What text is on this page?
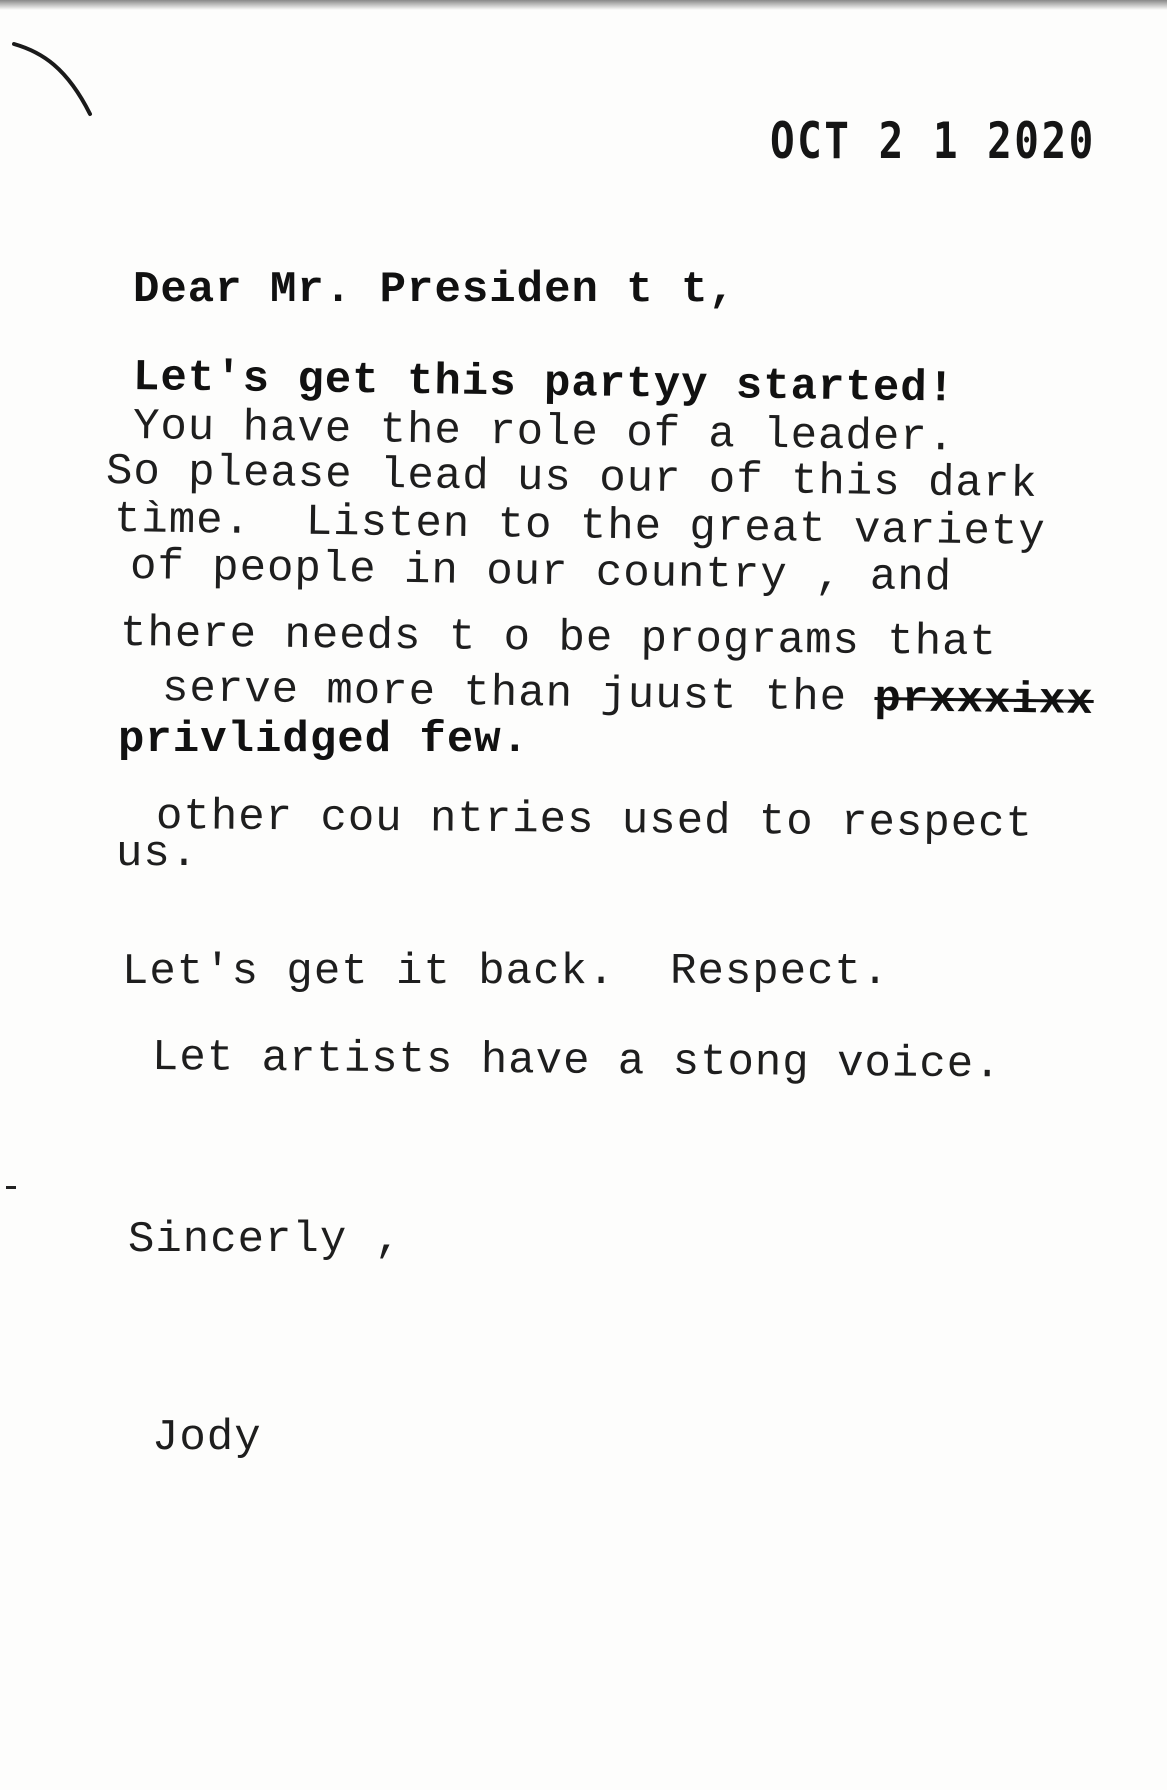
OCT 2 1 2020
Dear Mr. Presiden t t,
Let's get this partyy started!
You have the role of a leader.
So please lead us our of this dark
tìme.  Listen to the great variety
of people in our country , and
there needs t o be programs that
serve more than juust the prxxxixx
privlidged few.
other cou ntries used to respect
us.
Let's get it back.  Respect.
Let artists have a stong voice.
Sincerly ,
Jody
